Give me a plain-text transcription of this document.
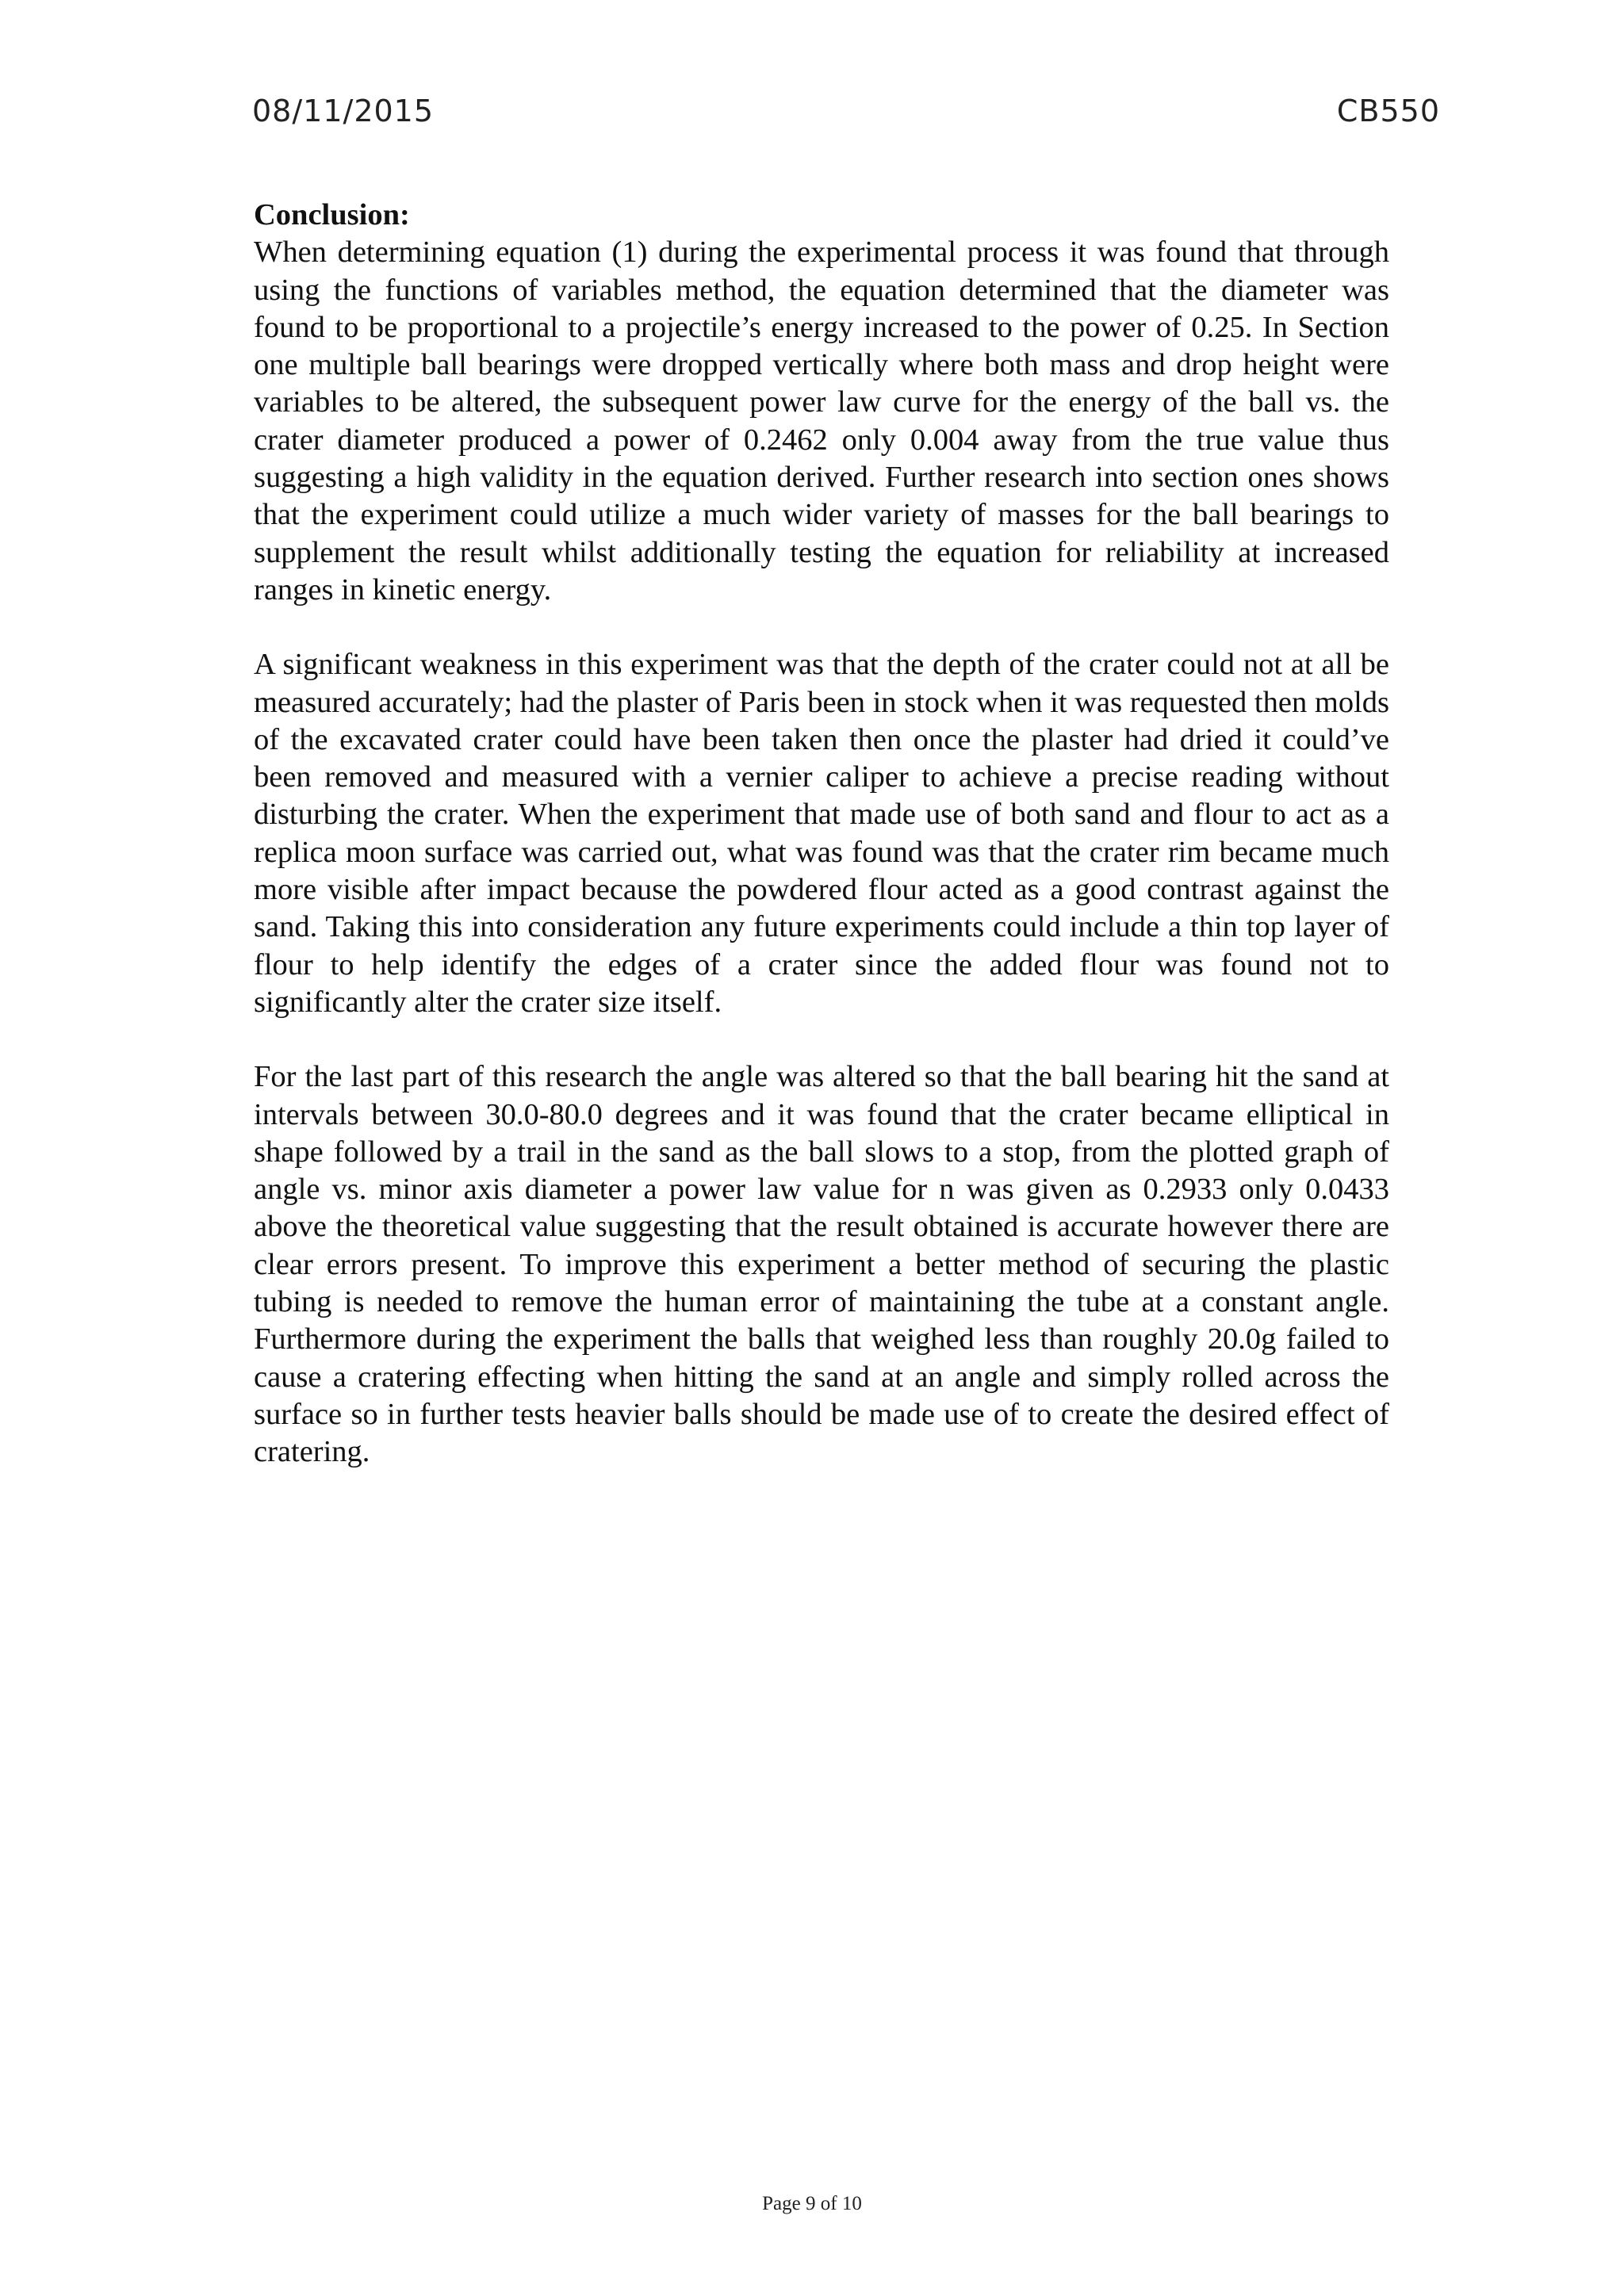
08/11/2015	CB550
Conclusion:

When determining equation (1) during the experimental process it was found that through using the functions of variables method, the equation determined that the diameter was found to be proportional to a projectile’s energy increased to the power of 0.25. In Section one multiple ball bearings were dropped vertically where both mass and drop height were variables to be altered, the subsequent power law curve for the energy of the ball vs. the crater diameter produced a power of 0.2462 only 0.004 away from the true value thus suggesting a high validity in the equation derived. Further research into section ones shows that the experiment could utilize a much wider variety of masses for the ball bearings to supplement the result whilst additionally testing the equation for reliability at increased ranges in kinetic energy.

A significant weakness in this experiment was that the depth of the crater could not at all be measured accurately; had the plaster of Paris been in stock when it was requested then molds of the excavated crater could have been taken then once the plaster had dried it could’ve been removed and measured with a vernier caliper to achieve a precise reading without disturbing the crater. When the experiment that made use of both sand and flour to act as a replica moon surface was carried out, what was found was that the crater rim became much more visible after impact because the powdered flour acted as a good contrast against the sand. Taking this into consideration any future experiments could include a thin top layer of flour to help identify the edges of a crater since the added flour was found not to significantly alter the crater size itself.

For the last part of this research the angle was altered so that the ball bearing hit the sand at intervals between 30.0-80.0 degrees and it was found that the crater became elliptical in shape followed by a trail in the sand as the ball slows to a stop, from the plotted graph of angle vs. minor axis diameter a power law value for n was given as 0.2933 only 0.0433 above the theoretical value suggesting that the result obtained is accurate however there are clear errors present. To improve this experiment a better method of securing the plastic tubing is needed to remove the human error of maintaining the tube at a constant angle. Furthermore during the experiment the balls that weighed less than roughly 20.0g failed to cause a cratering effecting when hitting the sand at an angle and simply rolled across the surface so in further tests heavier balls should be made use of to create the desired effect of cratering.

Page 9 of 10
